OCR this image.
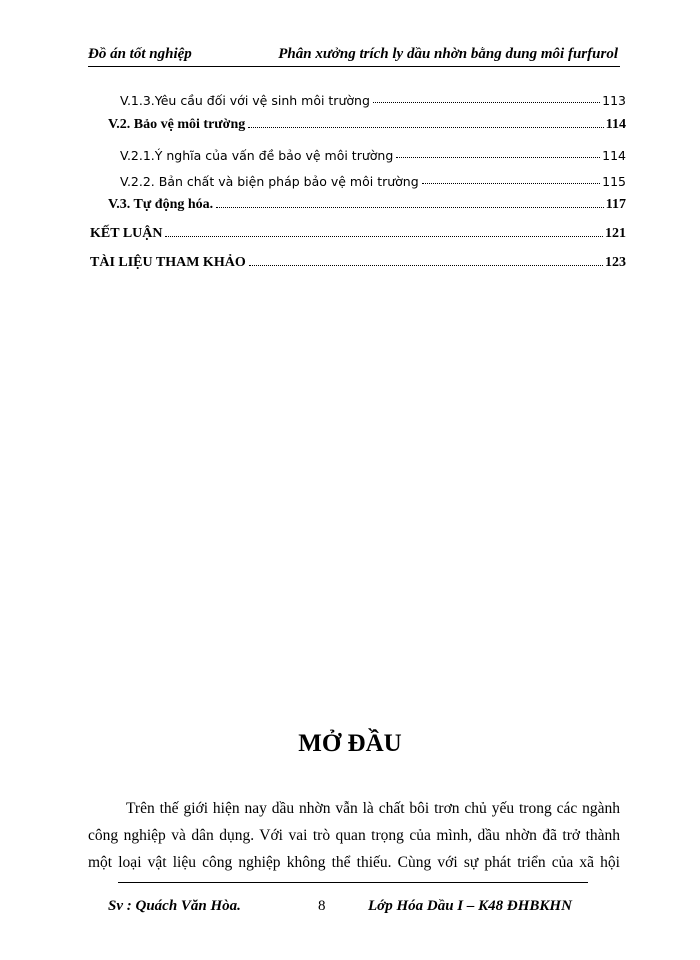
Đồ án tốt nghiệp	Phân xưởng trích ly dầu nhờn bằng dung môi furfurol
V.1.3.Yêu cầu đối với vệ sinh môi trường	113
V.2. Bảo vệ môi trường	114
V.2.1.Ý nghĩa của vấn đề bảo vệ môi trường	114
V.2.2. Bản chất và biện pháp bảo vệ môi trường	115
V.3. Tự động hóa.	117
KẾT LUẬN	121
TÀI LIỆU THAM KHẢO	123
MỞ ĐẦU
Trên thế giới hiện nay dầu nhờn vẫn là chất bôi trơn chủ yếu trong các ngành
công nghiệp và dân dụng. Với vai trò quan trọng của mình, dầu nhờn đã trở thành
một loại vật liệu công nghiệp không thể thiếu. Cùng với sự phát triển của xã hội
Sv : Quách Văn Hòa.	8	Lớp Hóa Dầu I – K48 ĐHBKHN
